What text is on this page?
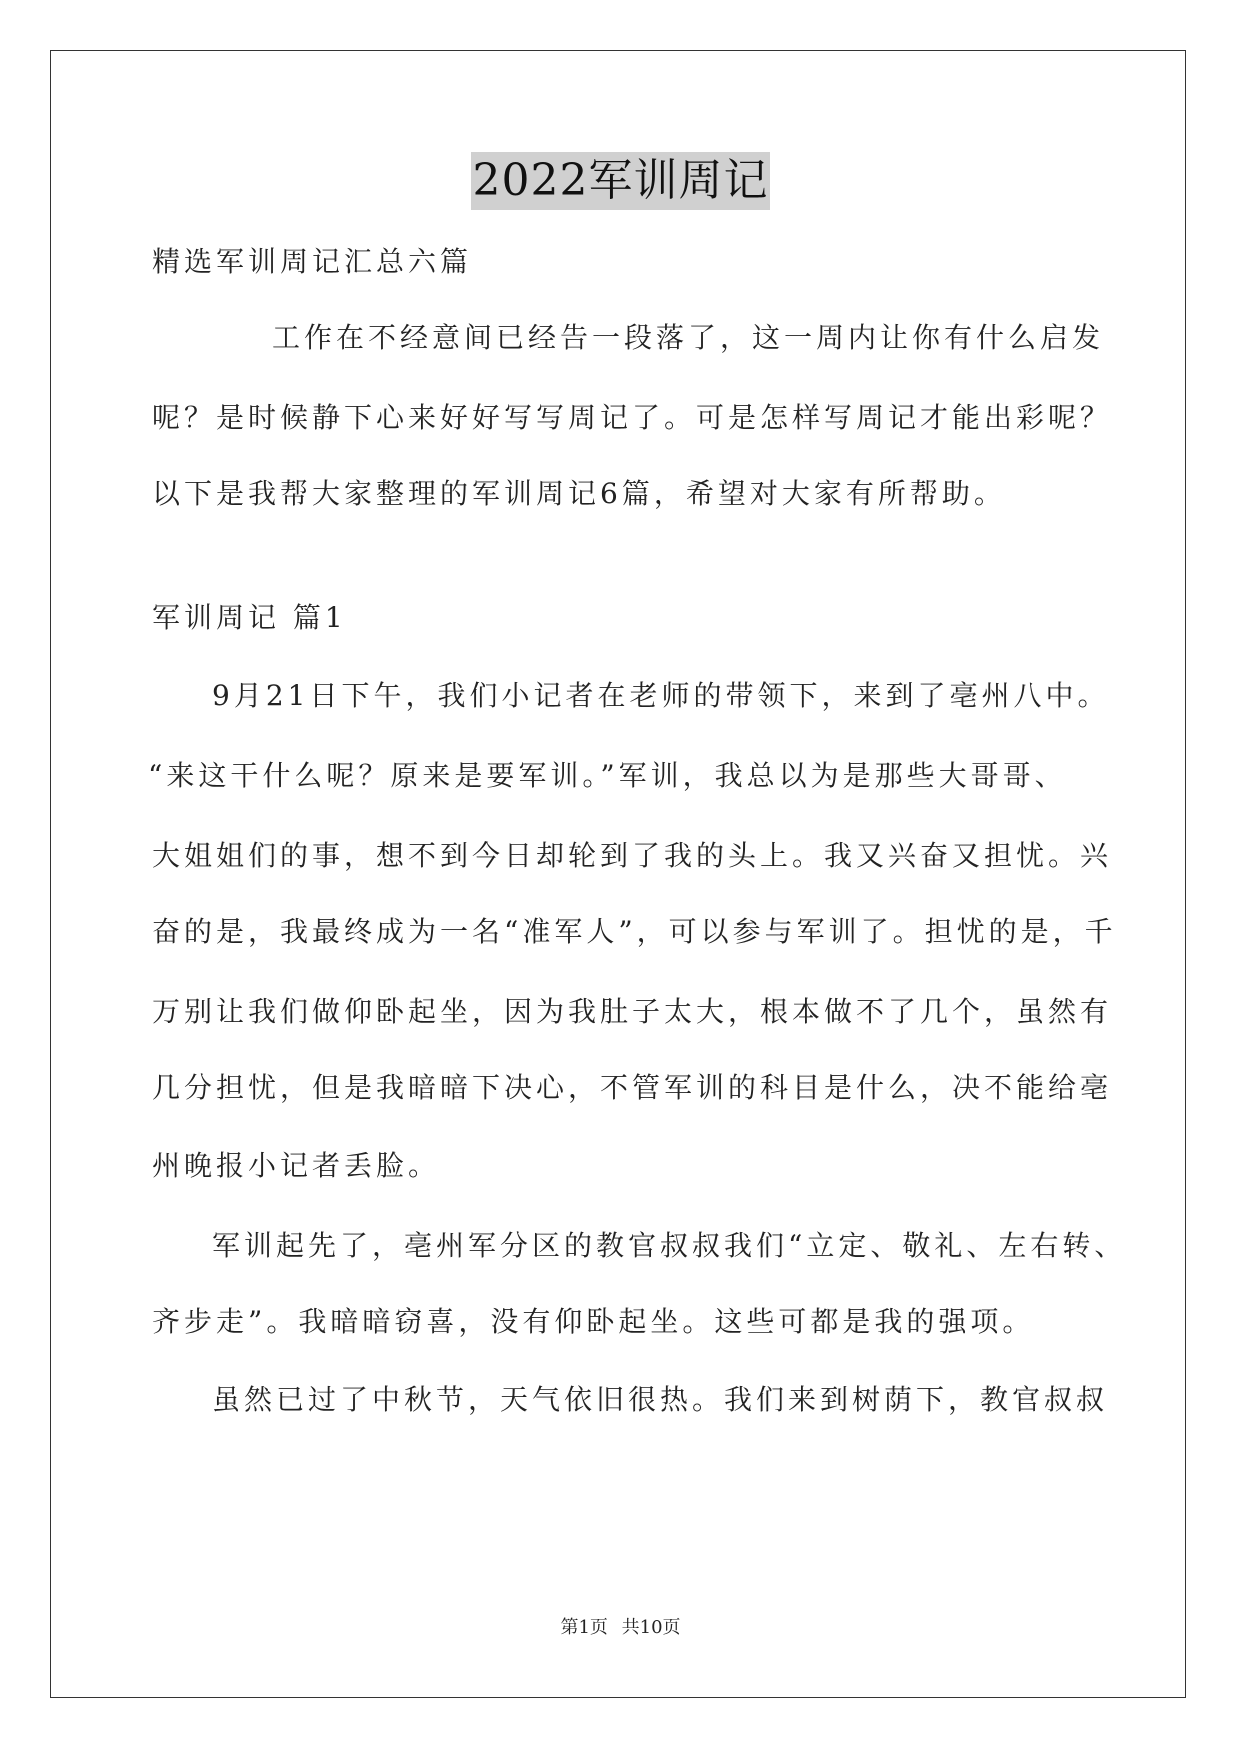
2022军训周记
精选军训周记汇总六篇
工作在不经意间已经告一段落了，这一周内让你有什么启发
呢？是时候静下心来好好写写周记了。可是怎样写周记才能出彩呢？
以下是我帮大家整理的军训周记6篇，希望对大家有所帮助。
军训周记 篇1
9月21日下午，我们小记者在老师的带领下，来到了亳州八中。
“来这干什么呢？原来是要军训。”军训，我总以为是那些大哥哥、
大姐姐们的事，想不到今日却轮到了我的头上。我又兴奋又担忧。兴
奋的是，我最终成为一名“准军人”，可以参与军训了。担忧的是，千
万别让我们做仰卧起坐，因为我肚子太大，根本做不了几个，虽然有
几分担忧，但是我暗暗下决心，不管军训的科目是什么，决不能给亳
州晚报小记者丢脸。
军训起先了，亳州军分区的教官叔叔我们“立定、敬礼、左右转、
齐步走”。我暗暗窃喜，没有仰卧起坐。这些可都是我的强项。
虽然已过了中秋节，天气依旧很热。我们来到树荫下，教官叔叔
第1页 共10页
